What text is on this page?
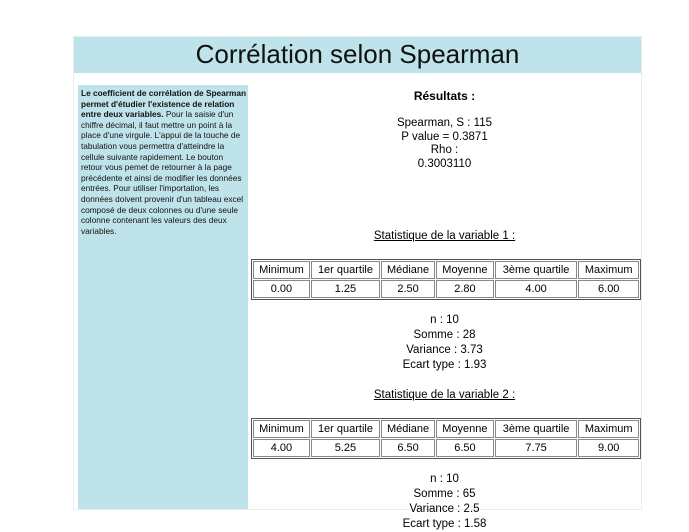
Corrélation selon Spearman
Le coefficient de corrélation de Spearman permet d'étudier l'existence de relation entre deux variables. Pour la saisie d'un chiffre décimal, il faut mettre un point à la place d'une virgule. L'appui de la touche de tabulation vous permettra d'atteindre la cellule suivante rapidement. Le bouton retour vous pemet de retourner à la page précédente et ainsi de modifier les données entrées. Pour utiliser l'importation, les données doivent provenir d'un tableau excel composé de deux colonnes ou d'une seule colonne contenant les valeurs des deux variables.
Résultats :
Spearman, S : 115
P value = 0.3871
Rho :
0.3003110
Statistique de la variable 1 :
Minimum	1er quartile	Médiane	Moyenne	3ème quartile	Maximum
0.00	1.25	2.50	2.80	4.00	6.00
n : 10
Somme : 28
Variance : 3.73
Ecart type : 1.93
Statistique de la variable 2 :
Minimum	1er quartile	Médiane	Moyenne	3ème quartile	Maximum
4.00	5.25	6.50	6.50	7.75	9.00
n : 10
Somme : 65
Variance : 2.5
Ecart type : 1.58
